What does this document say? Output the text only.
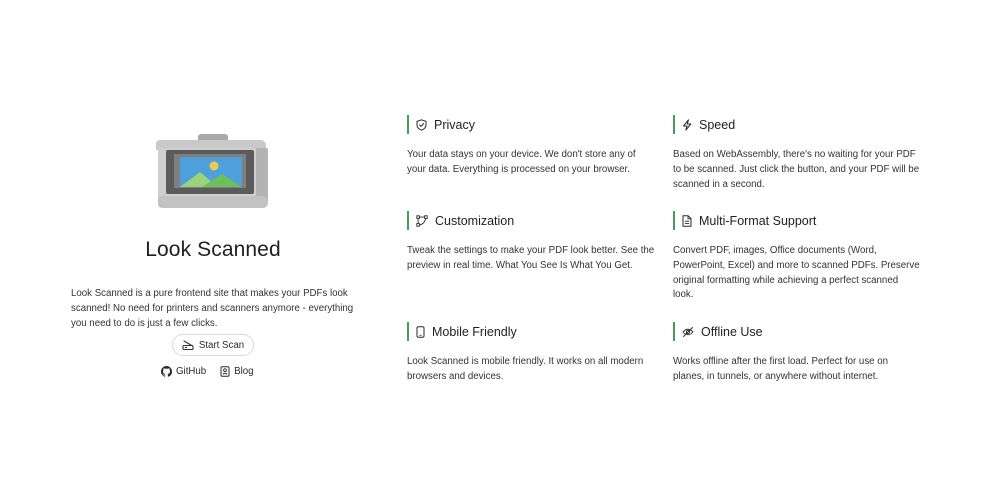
Look Scanned

Look Scanned is a pure frontend site that makes your PDFs look scanned! No need for printers and scanners anymore - everything you need to do is just a few clicks.

Start Scan
GitHub	Blog
Privacy

Your data stays on your device. We don't store any of your data. Everything is processed on your browser.

Speed

Based on WebAssembly, there's no waiting for your PDF to be scanned. Just click the button, and your PDF will be scanned in a second.

Customization

Tweak the settings to make your PDF look better. See the preview in real time. What You See Is What You Get.

Multi-Format Support

Convert PDF, images, Office documents (Word, PowerPoint, Excel) and more to scanned PDFs. Preserve original formatting while achieving a perfect scanned look.

Mobile Friendly

Look Scanned is mobile friendly. It works on all modern browsers and devices.

Offline Use

Works offline after the first load. Perfect for use on planes, in tunnels, or anywhere without internet.
